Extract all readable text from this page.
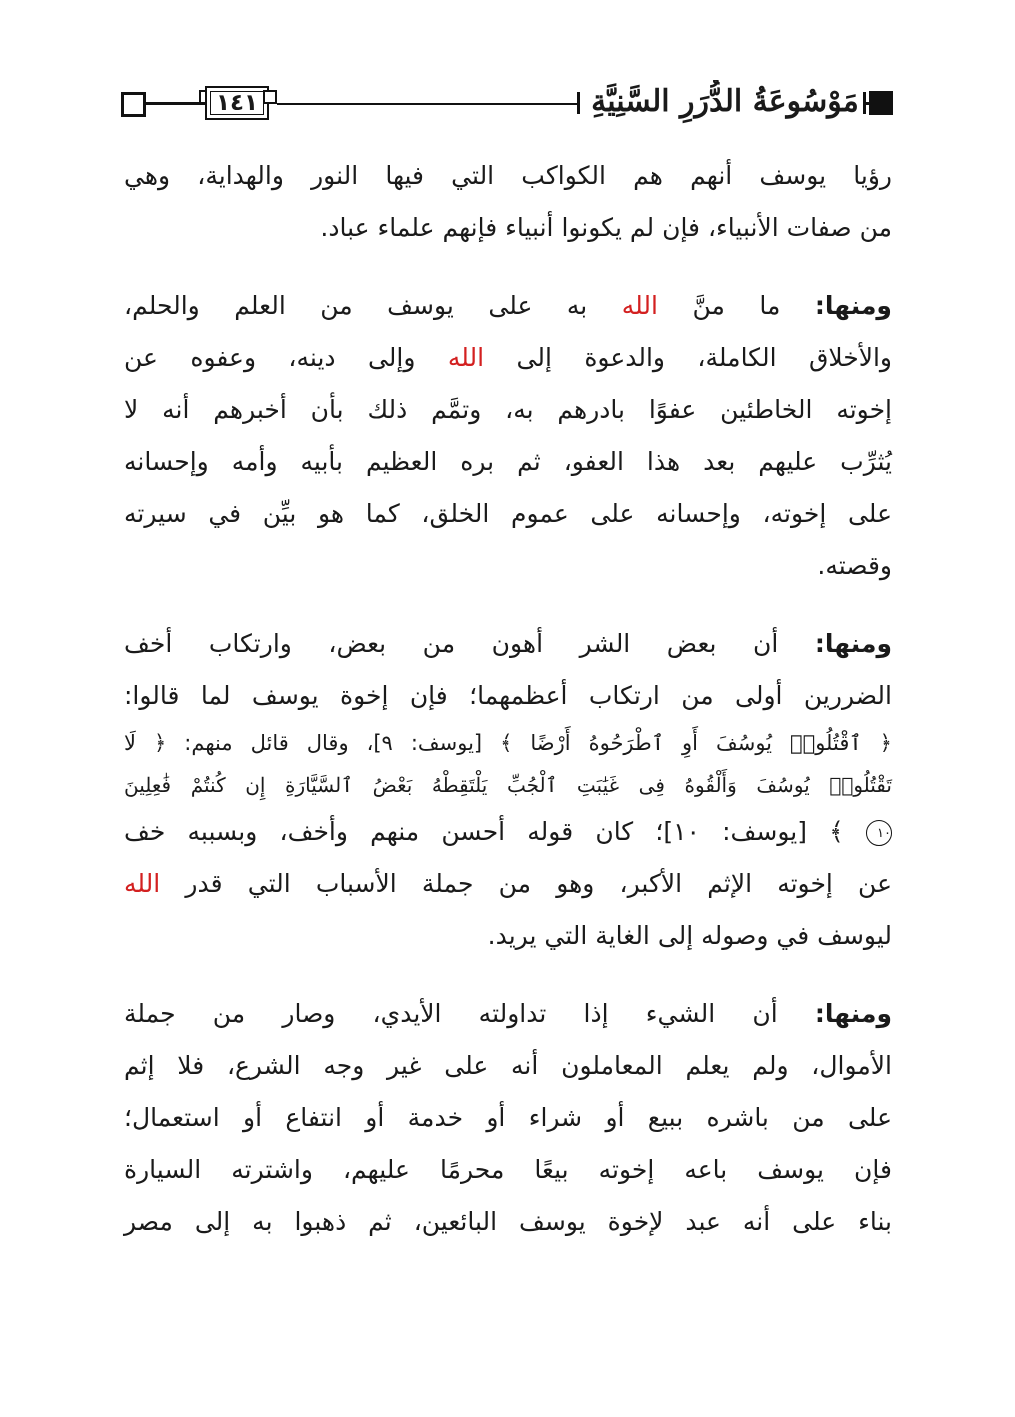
١٤١	مَوْسُوعَةُ الدُّرَرِ السَّنِيَّةِ
رؤيا يوسف أنهم هم الكواكب التي فيها النور والهداية، وهي
من صفات الأنبياء، فإن لم يكونوا أنبياء فإنهم علماء عباد.
ومنها: ما منَّ الله به على يوسف من العلم والحلم،
والأخلاق الكاملة، والدعوة إلى الله وإلى دينه، وعفوه عن
إخوته الخاطئين عفوًا بادرهم به، وتمَّم ذلك بأن أخبرهم أنه لا
يُثرِّب عليهم بعد هذا العفو، ثم بره العظيم بأبيه وأمه وإحسانه
على إخوته، وإحسانه على عموم الخلق، كما هو بيِّن في سيرته
وقصته.
ومنها: أن بعض الشر أهون من بعض، وارتكاب أخف
الضررين أولى من ارتكاب أعظمهما؛ فإن إخوة يوسف لما قالوا:
﴿ ٱقْتُلُوا۟ يُوسُفَ أَوِ ٱطْرَحُوهُ أَرْضًا ﴾ [يوسف: ٩]، وقال قائل منهم: ﴿ لَا
تَقْتُلُوا۟ يُوسُفَ وَأَلْقُوهُ فِى غَيَٰبَتِ ٱلْجُبِّ يَلْتَقِطْهُ بَعْضُ ٱلسَّيَّارَةِ إِن كُنتُمْ فَٰعِلِينَ
١٠ ﴾ [يوسف: ١٠]؛ كان قوله أحسن منهم وأخف، وبسببه خف
عن إخوته الإثم الأكبر، وهو من جملة الأسباب التي قدر الله
ليوسف في وصوله إلى الغاية التي يريد.
ومنها: أن الشيء إذا تداولته الأيدي، وصار من جملة
الأموال، ولم يعلم المعاملون أنه على غير وجه الشرع، فلا إثم
على من باشره ببيع أو شراء أو خدمة أو انتفاع أو استعمال؛
فإن يوسف باعه إخوته بيعًا محرمًا عليهم، واشترته السيارة
بناء على أنه عبد لإخوة يوسف البائعين، ثم ذهبوا به إلى مصر
